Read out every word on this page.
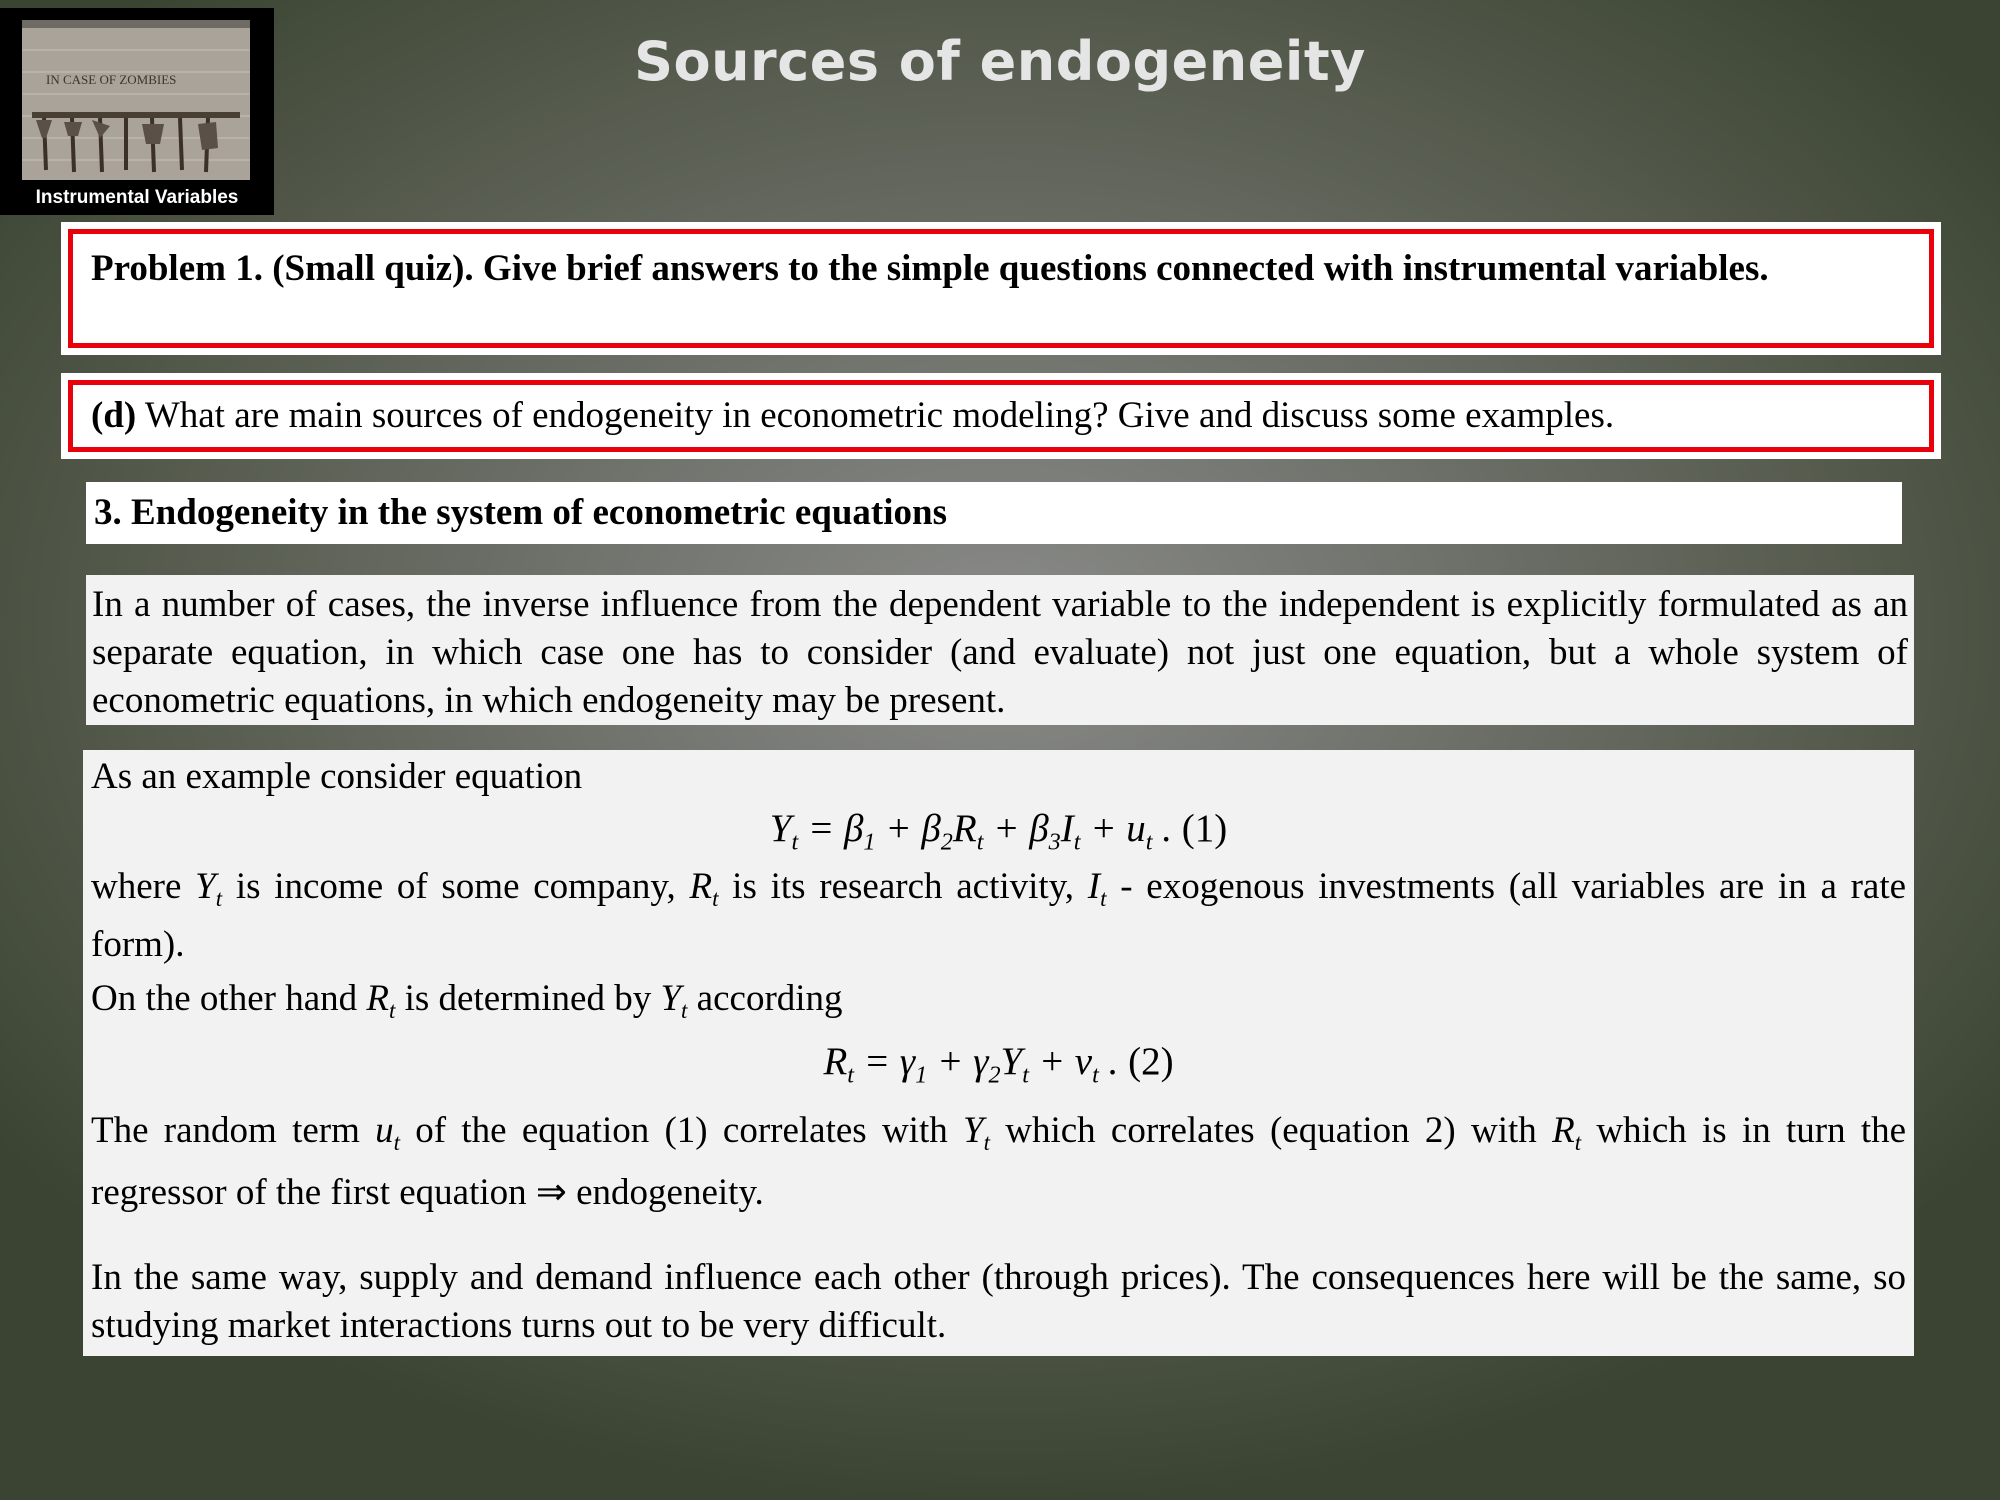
IN CASE OF ZOMBIES
Instrumental Variables
Sources of endogeneity
Problem 1. (Small quiz). Give brief answers to the simple questions connected with instrumental variables.
(d) What are main sources of endogeneity in econometric modeling? Give and discuss some examples.
3. Endogeneity in the system of econometric equations
In a number of cases, the inverse influence from the dependent variable to the independent is explicitly formulated as an separate equation, in which case one has to consider (and evaluate) not just one equation, but a whole system of econometric equations, in which endogeneity may be present.

As an example consider equation

$Y_t = \beta_1 + \beta_2R_t + \beta_3I_t + u_t$ . (1)

where $Y_t$ is income of some company, $R_t$ is its research activity, $I_t$ - exogenous investments (all variables are in a rate form).

On the other hand $R_t$ is determined by $Y_t$ according

$R_t = \gamma_1 + \gamma_2Y_t + v_t$ . (2)

The random term $u_t$ of the equation (1) correlates with $Y_t$ which correlates (equation 2) with $R_t$ which is in turn the regressor of the first equation ⇒ endogeneity.

In the same way, supply and demand influence each other (through prices). The consequences here will be the same, so studying market interactions turns out to be very difficult.
